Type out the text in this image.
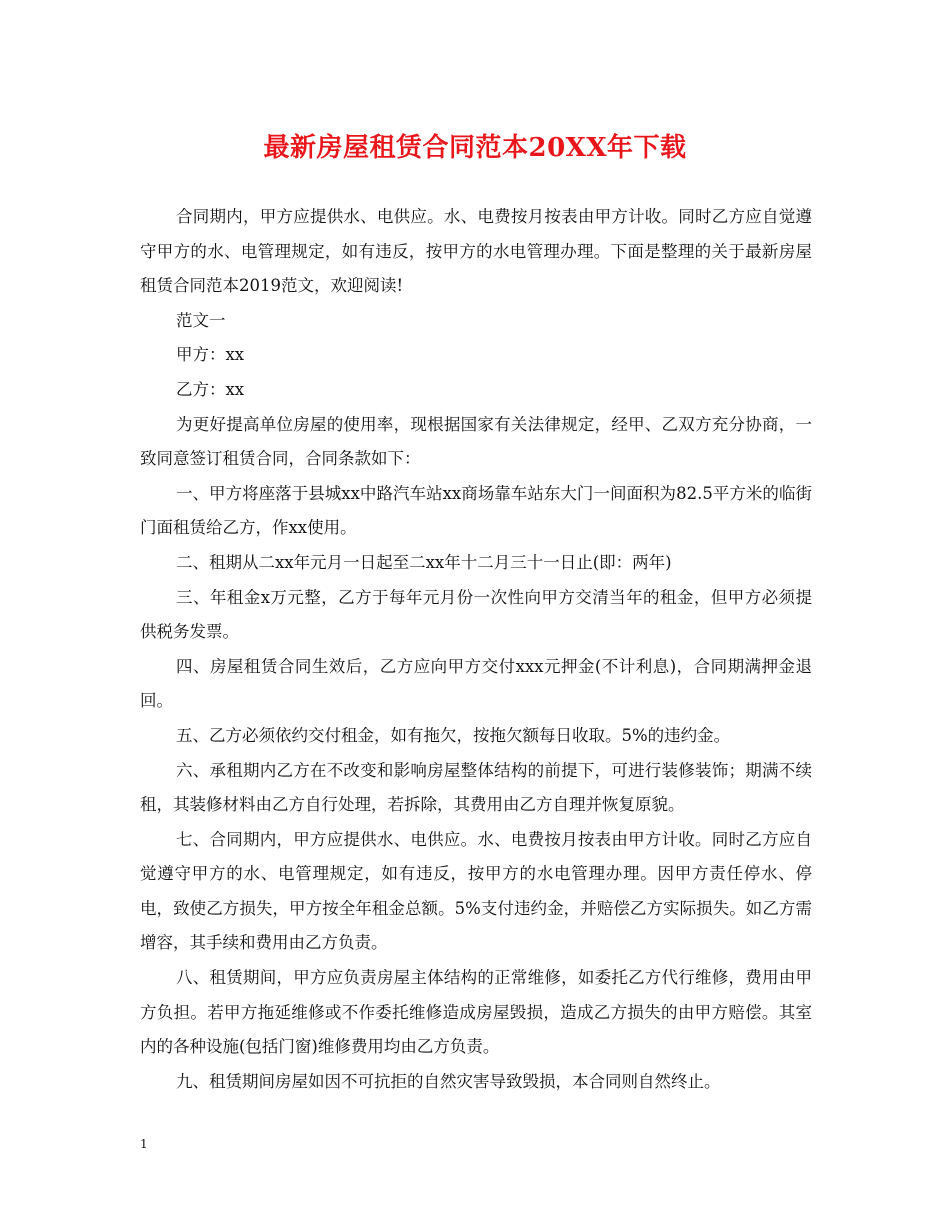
最新房屋租赁合同范本20XX年下载

合同期内，甲方应提供水、电供应。水、电费按月按表由甲方计收。同时乙方应自觉遵守甲方的水、电管理规定，如有违反，按甲方的水电管理办理。下面是整理的关于最新房屋租赁合同范本2019范文，欢迎阅读!

范文一

甲方：xx

乙方：xx

为更好提高单位房屋的使用率，现根据国家有关法律规定，经甲、乙双方充分协商，一致同意签订租赁合同，合同条款如下：

一、甲方将座落于县城xx中路汽车站xx商场靠车站东大门一间面积为82.5平方米的临街门面租赁给乙方，作xx使用。

二、租期从二xx年元月一日起至二xx年十二月三十一日止(即：两年)

三、年租金x万元整，乙方于每年元月份一次性向甲方交清当年的租金，但甲方必须提供税务发票。

四、房屋租赁合同生效后，乙方应向甲方交付xxx元押金(不计利息)，合同期满押金退回。

五、乙方必须依约交付租金，如有拖欠，按拖欠额每日收取。5%的违约金。

六、承租期内乙方在不改变和影响房屋整体结构的前提下，可进行装修装饰；期满不续租，其装修材料由乙方自行处理，若拆除，其费用由乙方自理并恢复原貌。

七、合同期内，甲方应提供水、电供应。水、电费按月按表由甲方计收。同时乙方应自觉遵守甲方的水、电管理规定，如有违反，按甲方的水电管理办理。因甲方责任停水、停电，致使乙方损失，甲方按全年租金总额。5%支付违约金，并赔偿乙方实际损失。如乙方需增容，其手续和费用由乙方负责。

八、租赁期间，甲方应负责房屋主体结构的正常维修，如委托乙方代行维修，费用由甲方负担。若甲方拖延维修或不作委托维修造成房屋毁损，造成乙方损失的由甲方赔偿。其室内的各种设施(包括门窗)维修费用均由乙方负责。

九、租赁期间房屋如因不可抗拒的自然灾害导致毁损，本合同则自然终止。

1
